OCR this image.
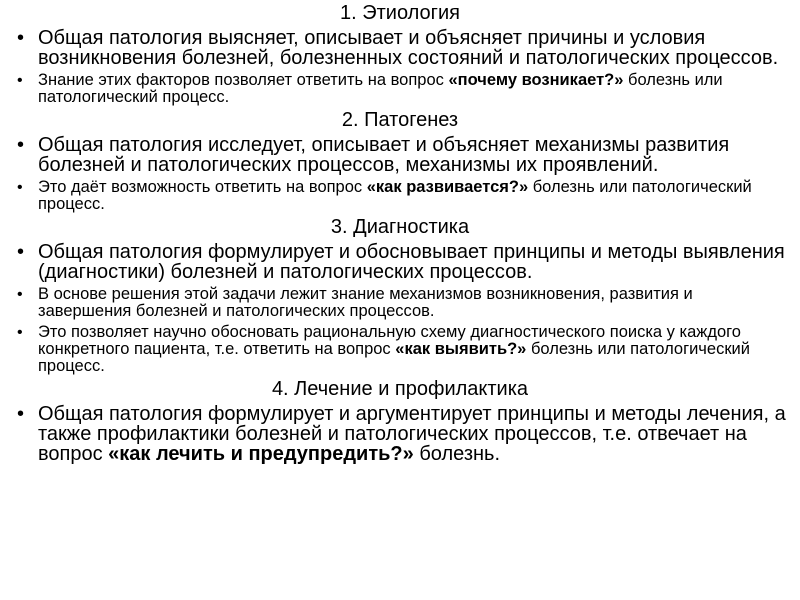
1. Этиология
• Общая патология выясняет, описывает и объясняет причины и условия возникновения болезней, болезненных состояний и патологических процессов.
• Знание этих факторов позволяет ответить на вопрос «почему возникает?» болезнь или патологический процесс.
2. Патогенез
• Общая патология исследует, описывает и объясняет механизмы развития болезней и патологических процессов, механизмы их проявлений.
• Это даёт возможность ответить на вопрос «как развивается?» болезнь или патологический процесс.
3. Диагностика
• Общая патология формулирует и обосновывает принципы и методы выявления (диагностики) болезней и патологических процессов.
• В основе решения этой задачи лежит знание механизмов возникновения, развития и завершения болезней и патологических процессов.
• Это позволяет научно обосновать рациональную схему диагностического поиска у каждого конкретного пациента, т.е. ответить на вопрос «как выявить?» болезнь или патологический процесс.
4. Лечение и профилактика
• Общая патология формулирует и аргументирует принципы и методы лечения, а также профилактики болезней и патологических процессов, т.е. отвечает на вопрос «как лечить и предупредить?» болезнь.
